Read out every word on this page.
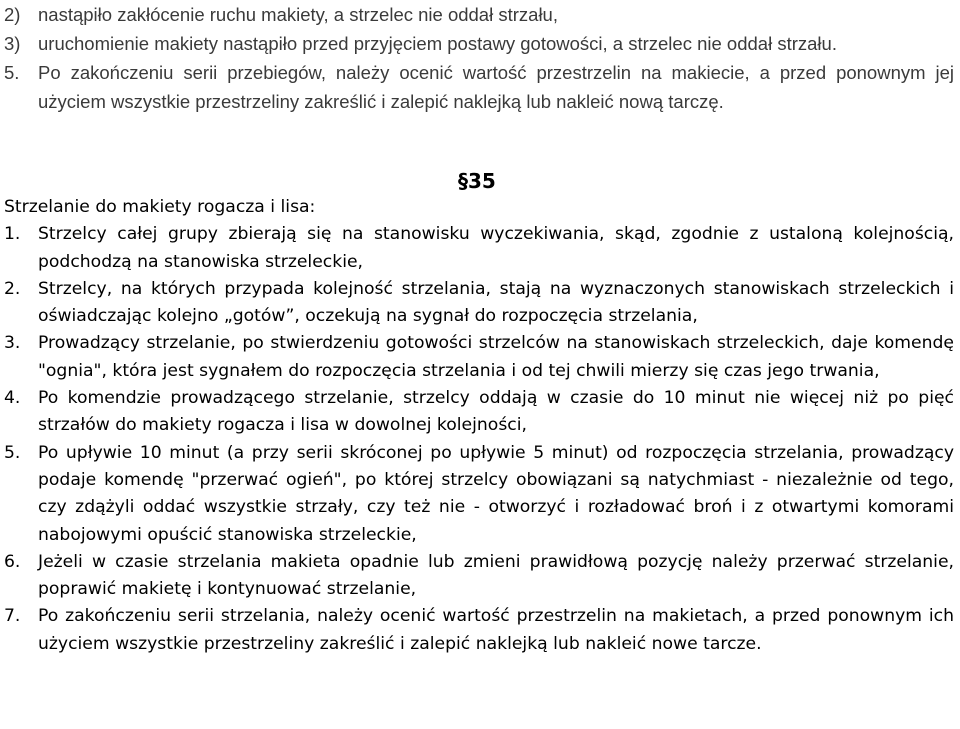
2) nastąpiło zakłócenie ruchu makiety, a strzelec nie oddał strzału,
3) uruchomienie makiety nastąpiło przed przyjęciem postawy gotowości, a strzelec nie oddał strzału.
5.	Po zakończeniu serii przebiegów, należy ocenić wartość przestrzelin na makiecie, a przed ponownym jej użyciem wszystkie przestrzeliny zakreślić i zalepić naklejką lub nakleić nową tarczę.
§35
Strzelanie do makiety rogacza i lisa:
1.	Strzelcy całej grupy zbierają się na stanowisku wyczekiwania, skąd, zgodnie z ustaloną kolejnością, podchodzą na stanowiska strzeleckie,
2.	Strzelcy, na których przypada kolejność strzelania, stają na wyznaczonych stanowiskach strzeleckich i oświadczając kolejno „gotów”, oczekują na sygnał do rozpoczęcia strzelania,
3.	Prowadzący strzelanie, po stwierdzeniu gotowości strzelców na stanowiskach strzeleckich, daje komendę "ognia", która jest sygnałem do rozpoczęcia strzelania i od tej chwili mierzy się czas jego trwania,
4.	Po komendzie prowadzącego strzelanie, strzelcy oddają w czasie do 10 minut nie więcej niż po pięć strzałów do makiety rogacza i lisa w dowolnej kolejności,
5.	Po upływie 10 minut (a przy serii skróconej po upływie 5 minut) od rozpoczęcia strzelania, prowadzący podaje komendę "przerwać ogień", po której strzelcy obowiązani są natychmiast - niezależnie od tego, czy zdążyli oddać wszystkie strzały, czy też nie - otworzyć i rozładować broń i z otwartymi komorami nabojowymi opuścić stanowiska strzeleckie,
6.	Jeżeli w czasie strzelania makieta opadnie lub zmieni prawidłową pozycję należy przerwać strzelanie, poprawić makietę i kontynuować strzelanie,
7.	Po zakończeniu serii strzelania, należy ocenić wartość przestrzelin na makietach, a przed ponownym ich użyciem wszystkie przestrzeliny zakreślić i zalepić naklejką lub nakleić nowe tarcze.
